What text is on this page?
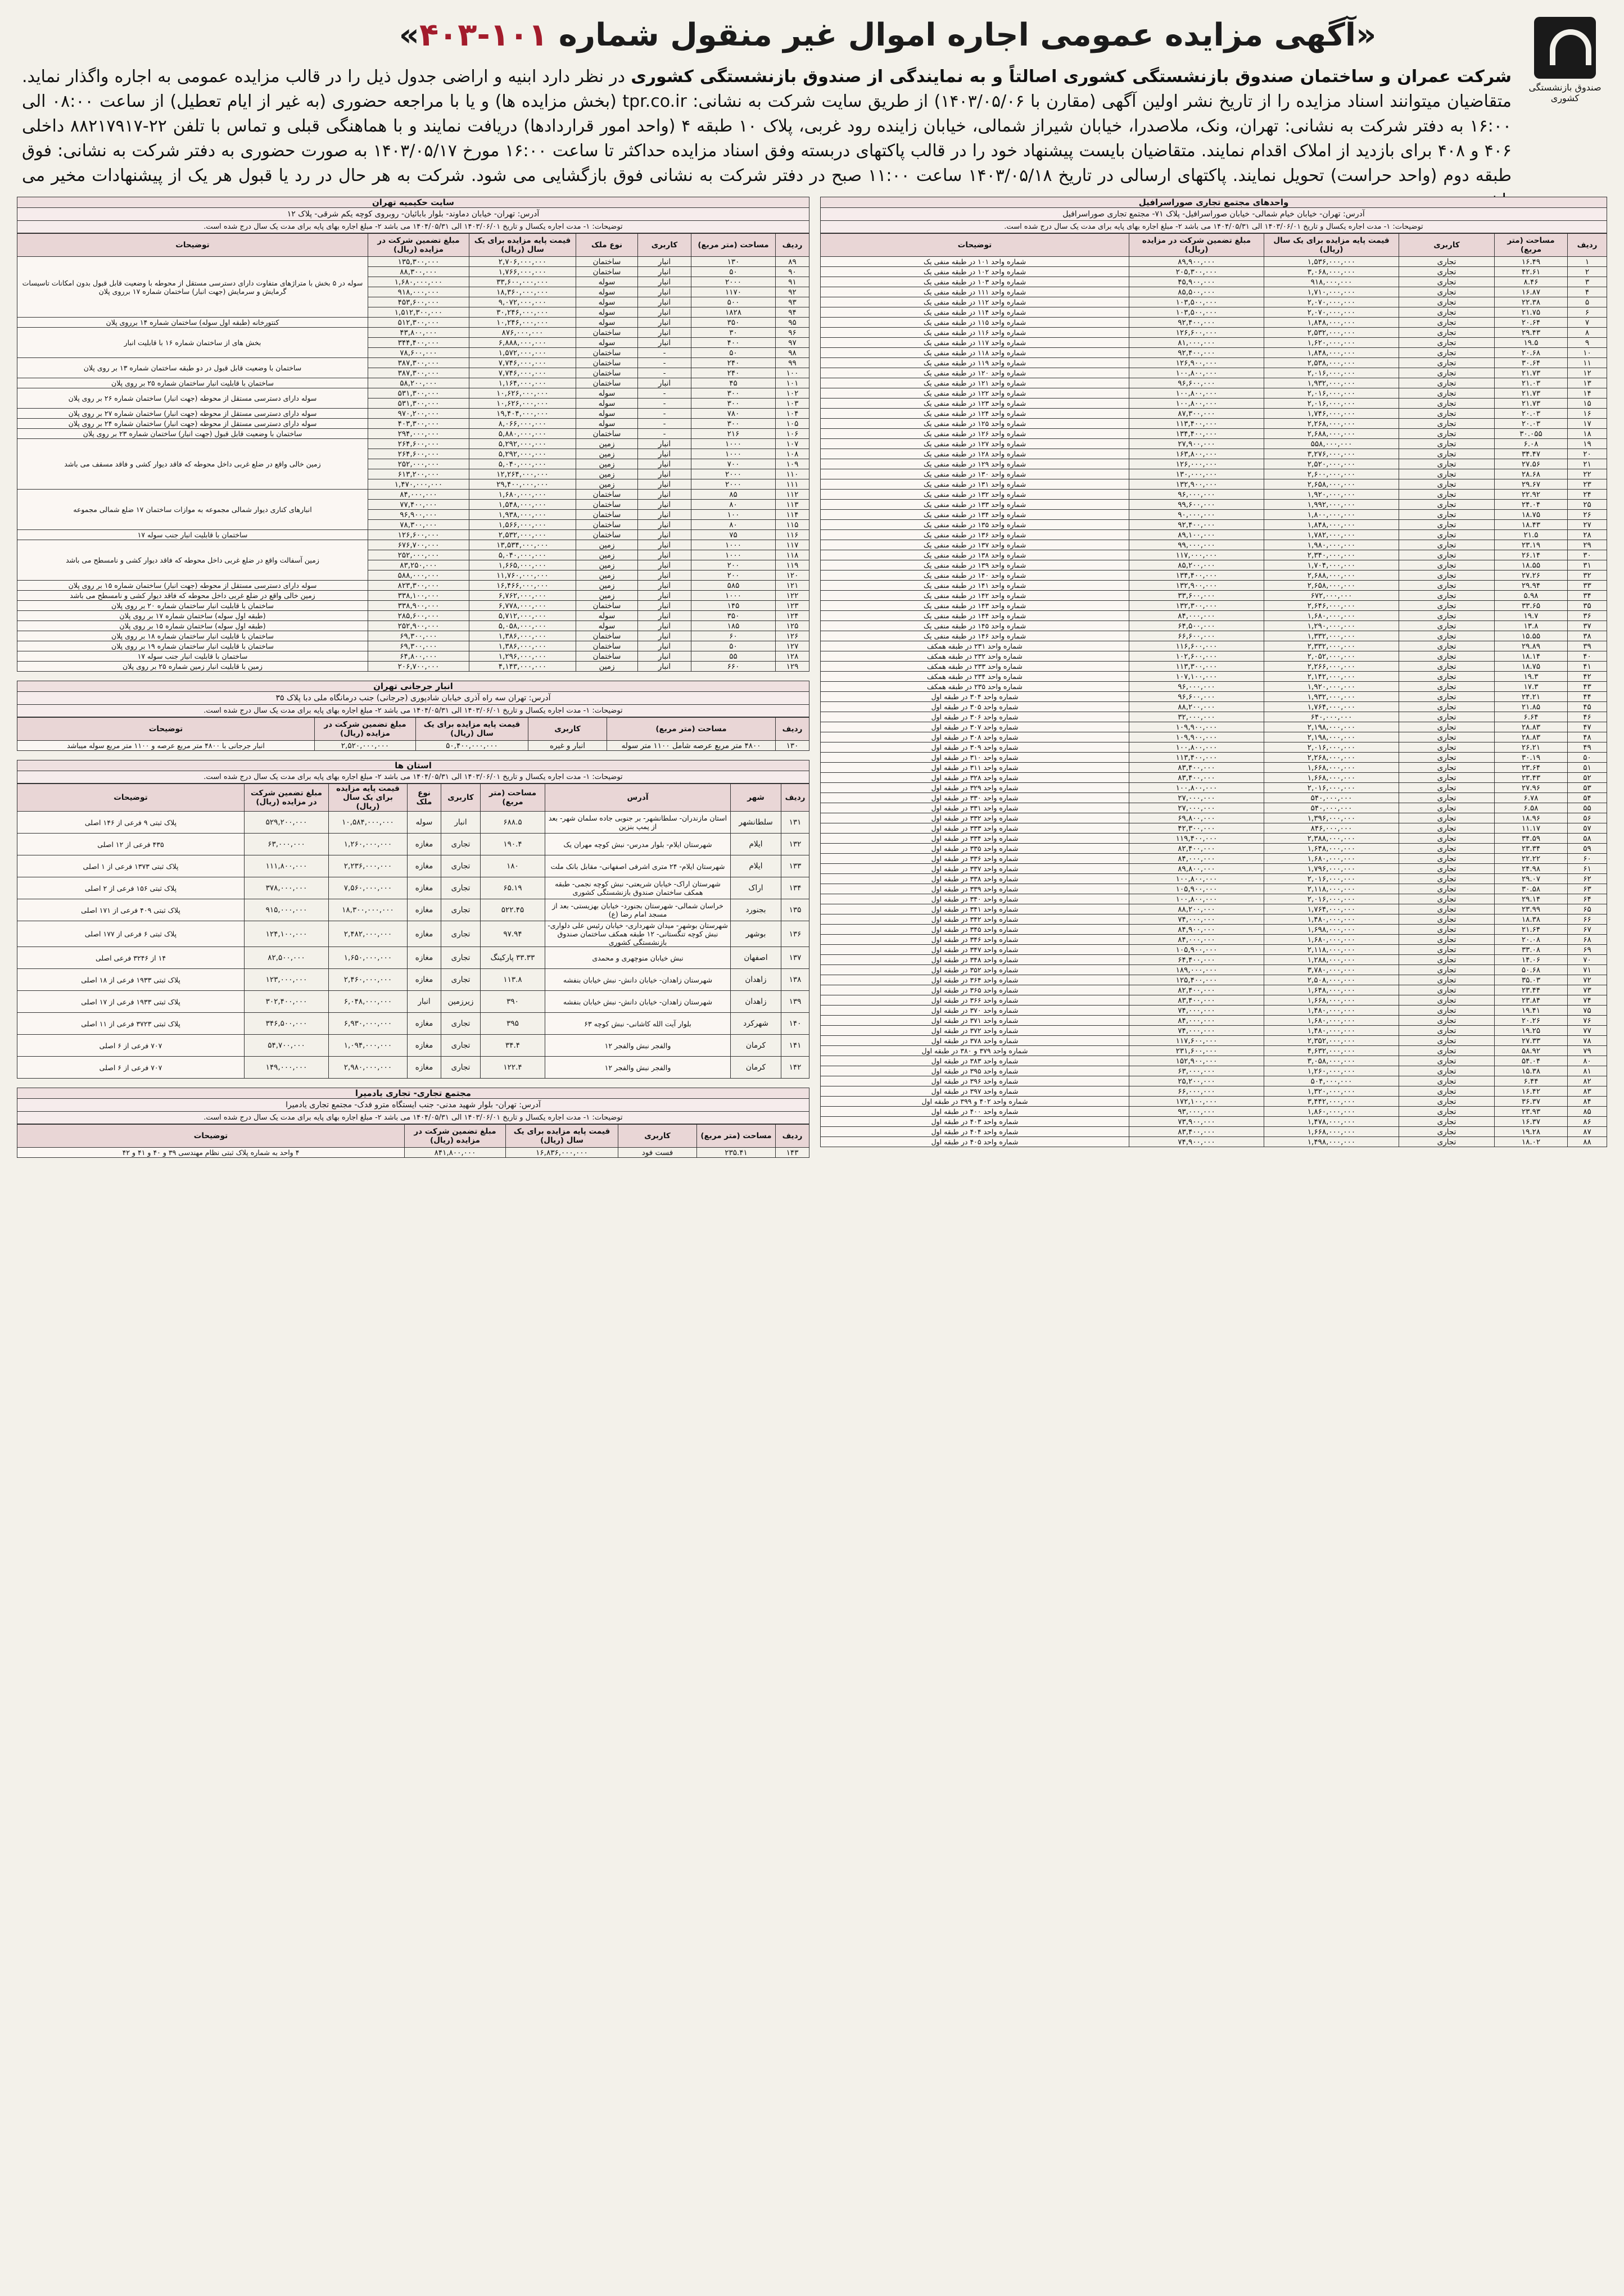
صندوق بازنشستگی کشوری
«آگهی مزایده عمومی اجاره اموال غیر منقول شماره ۱۰۱-۴۰۳»
شرکت عمران و ساختمان صندوق بازنشستگی کشوری اصالتاً و به نمایندگی از صندوق بازنشستگی کشوری در نظر دارد ابنیه و اراضی جدول ذیل را در قالب مزایده عمومی به اجاره واگذار نماید. متقاضیان میتوانند اسناد مزایده را از تاریخ نشر اولین آگهی (مقارن با ۱۴۰۳/۰۵/۰۶) از طریق سایت شرکت به نشانی: tpr.co.ir (بخش مزایده ها) و یا با مراجعه حضوری (به غیر از ایام تعطیل) از ساعت ۰۸:۰۰ الی ۱۶:۰۰ به دفتر شرکت به نشانی: تهران، ونک، ملاصدرا، خیابان شیراز شمالی، خیابان زاینده رود غربی، پلاک ۱۰ طبقه ۴ (واحد امور قراردادها) دریافت نمایند و با هماهنگی قبلی و تماس با تلفن ۲۲-۸۸۲۱۷۹۱۷ داخلی ۴۰۶ و ۴۰۸ برای بازدید از املاک اقدام نمایند. متقاضیان بایست پیشنهاد خود را در قالب پاکتهای دربسته وفق اسناد مزایده حداکثر تا ساعت ۱۶:۰۰ مورخ ۱۴۰۳/۰۵/۱۷ به صورت حضوری به دفتر شرکت به نشانی: فوق طبقه دوم (واحد حراست) تحویل نمایند. پاکتهای ارسالی در تاریخ ۱۴۰۳/۰۵/۱۸ ساعت ۱۱:۰۰ صبح در دفتر شرکت به نشانی فوق بازگشایی می شود. شرکت به هر حال در رد یا قبول هر یک از پیشنهادات مخیر می
واحدهای مجتمع تجاری صوراسرافیل
آدرس: تهران- خیابان خیام شمالی- خیابان صوراسرافیل- پلاک ۷۱- مجتمع تجاری صوراسرافیل
توضیحات: ۱- مدت اجاره یکسال و تاریخ ۱۴۰۳/۰۶/۰۱ الی ۱۴۰۴/۰۵/۳۱ می باشد ۲- مبلغ اجاره بهای پایه برای مدت یک سال درج شده است.
ردیف	مساحت (متر مربع)	کاربری	قیمت پایه مزایده برای یک سال (ریال)	مبلغ تضمین شرکت در مزایده (ریال)	توضیحات
۱	۱۶.۴۹	تجاری	۱,۵۳۶,۰۰۰,۰۰۰	۸۹,۹۰۰,۰۰۰	شماره واحد ۱۰۱ در طبقه منفی یک
۲	۴۲.۶۱	تجاری	۳,۰۶۸,۰۰۰,۰۰۰	۲۰۵,۳۰۰,۰۰۰	شماره واحد ۱۰۲ در طبقه منفی یک
۳	۸.۴۶	تجاری	۹۱۸,۰۰۰,۰۰۰	۴۵,۹۰۰,۰۰۰	شماره واحد ۱۰۳ در طبقه منفی یک
۴	۱۶.۸۷	تجاری	۱,۷۱۰,۰۰۰,۰۰۰	۸۵,۵۰۰,۰۰۰	شماره واحد ۱۱۱ در طبقه منفی یک
۵	۲۲.۳۸	تجاری	۲,۰۷۰,۰۰۰,۰۰۰	۱۰۳,۵۰۰,۰۰۰	شماره واحد ۱۱۲ در طبقه منفی یک
۶	۲۱.۷۵	تجاری	۲,۰۷۰,۰۰۰,۰۰۰	۱۰۳,۵۰۰,۰۰۰	شماره واحد ۱۱۴ در طبقه منفی یک
۷	۲۰.۶۴	تجاری	۱,۸۴۸,۰۰۰,۰۰۰	۹۲,۴۰۰,۰۰۰	شماره واحد ۱۱۵ در طبقه منفی یک
۸	۲۹.۴۳	تجاری	۲,۵۳۲,۰۰۰,۰۰۰	۱۲۶,۶۰۰,۰۰۰	شماره واحد ۱۱۶ در طبقه منفی یک
۹	۱۹.۵	تجاری	۱,۶۲۰,۰۰۰,۰۰۰	۸۱,۰۰۰,۰۰۰	شماره واحد ۱۱۷ در طبقه منفی یک
۱۰	۲۰.۶۸	تجاری	۱,۸۴۸,۰۰۰,۰۰۰	۹۲,۴۰۰,۰۰۰	شماره واحد ۱۱۸ در طبقه منفی یک
۱۱	۳۰.۶۴	تجاری	۲,۵۳۸,۰۰۰,۰۰۰	۱۲۶,۹۰۰,۰۰۰	شماره واحد ۱۱۹ در طبقه منفی یک
۱۲	۲۱.۷۳	تجاری	۲,۰۱۶,۰۰۰,۰۰۰	۱۰۰,۸۰۰,۰۰۰	شماره واحد ۱۲۰ در طبقه منفی یک
۱۳	۲۱.۰۳	تجاری	۱,۹۳۲,۰۰۰,۰۰۰	۹۶,۶۰۰,۰۰۰	شماره واحد ۱۲۱ در طبقه منفی یک
۱۴	۲۱.۷۳	تجاری	۲,۰۱۶,۰۰۰,۰۰۰	۱۰۰,۸۰۰,۰۰۰	شماره واحد ۱۲۲ در طبقه منفی یک
۱۵	۲۱.۷۳	تجاری	۲,۰۱۶,۰۰۰,۰۰۰	۱۰۰,۸۰۰,۰۰۰	شماره واحد ۱۲۳ در طبقه منفی یک
۱۶	۲۰.۰۳	تجاری	۱,۷۴۶,۰۰۰,۰۰۰	۸۷,۳۰۰,۰۰۰	شماره واحد ۱۲۴ در طبقه منفی یک
۱۷	۲۰.۰۳	تجاری	۲,۲۶۸,۰۰۰,۰۰۰	۱۱۳,۴۰۰,۰۰۰	شماره واحد ۱۲۵ در طبقه منفی یک
۱۸	۳۰.۰۵۵	تجاری	۲,۶۸۸,۰۰۰,۰۰۰	۱۳۴,۴۰۰,۰۰۰	شماره واحد ۱۲۶ در طبقه منفی یک
۱۹	۶.۰۸	تجاری	۵۵۸,۰۰۰,۰۰۰	۲۷,۹۰۰,۰۰۰	شماره واحد ۱۲۷ در طبقه منفی یک
۲۰	۳۴.۴۷	تجاری	۳,۲۷۶,۰۰۰,۰۰۰	۱۶۳,۸۰۰,۰۰۰	شماره واحد ۱۲۸ در طبقه منفی یک
۲۱	۲۷.۵۶	تجاری	۲,۵۲۰,۰۰۰,۰۰۰	۱۲۶,۰۰۰,۰۰۰	شماره واحد ۱۲۹ در طبقه منفی یک
۲۲	۲۸.۶۸	تجاری	۲,۶۰۰,۰۰۰,۰۰۰	۱۳۰,۰۰۰,۰۰۰	شماره واحد ۱۳۰ در طبقه منفی یک
۲۳	۲۹.۶۷	تجاری	۲,۶۵۸,۰۰۰,۰۰۰	۱۳۲,۹۰۰,۰۰۰	شماره واحد ۱۳۱ در طبقه منفی یک
۲۴	۲۲.۹۲	تجاری	۱,۹۲۰,۰۰۰,۰۰۰	۹۶,۰۰۰,۰۰۰	شماره واحد ۱۳۲ در طبقه منفی یک
۲۵	۲۴.۰۴	تجاری	۱,۹۹۲,۰۰۰,۰۰۰	۹۹,۶۰۰,۰۰۰	شماره واحد ۱۳۳ در طبقه منفی یک
۲۶	۱۸.۷۵	تجاری	۱,۸۰۰,۰۰۰,۰۰۰	۹۰,۰۰۰,۰۰۰	شماره واحد ۱۳۴ در طبقه منفی یک
۲۷	۱۸.۴۳	تجاری	۱,۸۴۸,۰۰۰,۰۰۰	۹۲,۴۰۰,۰۰۰	شماره واحد ۱۳۵ در طبقه منفی یک
۲۸	۲۱.۵	تجاری	۱,۷۸۲,۰۰۰,۰۰۰	۸۹,۱۰۰,۰۰۰	شماره واحد ۱۳۶ در طبقه منفی یک
۲۹	۲۳.۱۹	تجاری	۱,۹۸۰,۰۰۰,۰۰۰	۹۹,۰۰۰,۰۰۰	شماره واحد ۱۳۷ در طبقه منفی یک
۳۰	۲۶.۱۴	تجاری	۲,۳۴۰,۰۰۰,۰۰۰	۱۱۷,۰۰۰,۰۰۰	شماره واحد ۱۳۸ در طبقه منفی یک
۳۱	۱۸.۵۵	تجاری	۱,۷۰۴,۰۰۰,۰۰۰	۸۵,۲۰۰,۰۰۰	شماره واحد ۱۳۹ در طبقه منفی یک
۳۲	۲۷.۲۶	تجاری	۲,۶۸۸,۰۰۰,۰۰۰	۱۳۴,۴۰۰,۰۰۰	شماره واحد ۱۴۰ در طبقه منفی یک
۳۳	۲۹.۹۴	تجاری	۲,۶۵۸,۰۰۰,۰۰۰	۱۳۲,۹۰۰,۰۰۰	شماره واحد ۱۴۱ در طبقه منفی یک
۳۴	۵.۹۸	تجاری	۶۷۲,۰۰۰,۰۰۰	۳۳,۶۰۰,۰۰۰	شماره واحد ۱۴۲ در طبقه منفی یک
۳۵	۳۳.۶۵	تجاری	۲,۶۴۶,۰۰۰,۰۰۰	۱۳۲,۳۰۰,۰۰۰	شماره واحد ۱۴۳ در طبقه منفی یک
۳۶	۱۹.۷	تجاری	۱,۶۸۰,۰۰۰,۰۰۰	۸۴,۰۰۰,۰۰۰	شماره واحد ۱۴۴ در طبقه منفی یک
۳۷	۱۳.۸	تجاری	۱,۲۹۰,۰۰۰,۰۰۰	۶۴,۵۰۰,۰۰۰	شماره واحد ۱۴۵ در طبقه منفی یک
۳۸	۱۵.۵۵	تجاری	۱,۳۳۲,۰۰۰,۰۰۰	۶۶,۶۰۰,۰۰۰	شماره واحد ۱۴۶ در طبقه منفی یک
۳۹	۲۹.۸۹	تجاری	۲,۳۳۲,۰۰۰,۰۰۰	۱۱۶,۶۰۰,۰۰۰	شماره واحد ۲۳۱ در طبقه همکف
۴۰	۱۸.۱۴	تجاری	۲,۰۵۲,۰۰۰,۰۰۰	۱۰۲,۶۰۰,۰۰۰	شماره واحد ۲۳۲ در طبقه همکف
۴۱	۱۸.۷۵	تجاری	۲,۲۶۶,۰۰۰,۰۰۰	۱۱۳,۳۰۰,۰۰۰	شماره واحد ۲۳۳ در طبقه همکف
۴۲	۱۹.۳	تجاری	۲,۱۴۲,۰۰۰,۰۰۰	۱۰۷,۱۰۰,۰۰۰	شماره واحد ۲۳۴ در طبقه همکف
۴۳	۱۷.۳	تجاری	۱,۹۲۰,۰۰۰,۰۰۰	۹۶,۰۰۰,۰۰۰	شماره واحد ۲۳۵ در طبقه همکف
۴۴	۲۴.۲۱	تجاری	۱,۹۳۲,۰۰۰,۰۰۰	۹۶,۶۰۰,۰۰۰	شماره واحد ۳۰۴ در طبقه اول
۴۵	۲۱.۸۵	تجاری	۱,۷۶۴,۰۰۰,۰۰۰	۸۸,۲۰۰,۰۰۰	شماره واحد ۳۰۵ در طبقه اول
۴۶	۶.۶۴	تجاری	۶۴۰,۰۰۰,۰۰۰	۳۲,۰۰۰,۰۰۰	شماره واحد ۳۰۶ در طبقه اول
۴۷	۲۸.۸۳	تجاری	۲,۱۹۸,۰۰۰,۰۰۰	۱۰۹,۹۰۰,۰۰۰	شماره واحد ۳۰۷ در طبقه اول
۴۸	۲۸.۸۳	تجاری	۲,۱۹۸,۰۰۰,۰۰۰	۱۰۹,۹۰۰,۰۰۰	شماره واحد ۳۰۸ در طبقه اول
۴۹	۲۶.۲۱	تجاری	۲,۰۱۶,۰۰۰,۰۰۰	۱۰۰,۸۰۰,۰۰۰	شماره واحد ۳۰۹ در طبقه اول
۵۰	۳۰.۱۹	تجاری	۲,۲۶۸,۰۰۰,۰۰۰	۱۱۳,۴۰۰,۰۰۰	شماره واحد ۳۱۰ در طبقه اول
۵۱	۲۳.۶۴	تجاری	۱,۶۶۸,۰۰۰,۰۰۰	۸۳,۴۰۰,۰۰۰	شماره واحد ۳۱۱ در طبقه اول
۵۲	۲۳.۴۳	تجاری	۱,۶۶۸,۰۰۰,۰۰۰	۸۳,۴۰۰,۰۰۰	شماره واحد ۳۲۸ در طبقه اول
۵۳	۲۷.۹۶	تجاری	۲,۰۱۶,۰۰۰,۰۰۰	۱۰۰,۸۰۰,۰۰۰	شماره واحد ۳۲۹ در طبقه اول
۵۴	۶.۷۸	تجاری	۵۴۰,۰۰۰,۰۰۰	۲۷,۰۰۰,۰۰۰	شماره واحد ۳۳۰ در طبقه اول
۵۵	۶.۵۸	تجاری	۵۴۰,۰۰۰,۰۰۰	۲۷,۰۰۰,۰۰۰	شماره واحد ۳۳۱ در طبقه اول
۵۶	۱۸.۹۶	تجاری	۱,۳۹۶,۰۰۰,۰۰۰	۶۹,۸۰۰,۰۰۰	شماره واحد ۳۳۲ در طبقه اول
۵۷	۱۱.۱۷	تجاری	۸۴۶,۰۰۰,۰۰۰	۴۲,۳۰۰,۰۰۰	شماره واحد ۳۳۳ در طبقه اول
۵۸	۳۴.۵۹	تجاری	۲,۳۸۸,۰۰۰,۰۰۰	۱۱۹,۴۰۰,۰۰۰	شماره واحد ۳۳۴ در طبقه اول
۵۹	۲۳.۳۴	تجاری	۱,۶۴۸,۰۰۰,۰۰۰	۸۲,۴۰۰,۰۰۰	شماره واحد ۳۳۵ در طبقه اول
۶۰	۲۲.۲۲	تجاری	۱,۶۸۰,۰۰۰,۰۰۰	۸۴,۰۰۰,۰۰۰	شماره واحد ۳۳۶ در طبقه اول
۶۱	۲۴.۹۸	تجاری	۱,۷۹۶,۰۰۰,۰۰۰	۸۹,۸۰۰,۰۰۰	شماره واحد ۳۳۷ در طبقه اول
۶۲	۲۹.۰۷	تجاری	۲,۰۱۶,۰۰۰,۰۰۰	۱۰۰,۸۰۰,۰۰۰	شماره واحد ۳۳۸ در طبقه اول
۶۳	۳۰.۵۸	تجاری	۲,۱۱۸,۰۰۰,۰۰۰	۱۰۵,۹۰۰,۰۰۰	شماره واحد ۳۳۹ در طبقه اول
۶۴	۲۹.۱۴	تجاری	۲,۰۱۶,۰۰۰,۰۰۰	۱۰۰,۸۰۰,۰۰۰	شماره واحد ۳۴۰ در طبقه اول
۶۵	۲۳.۹۹	تجاری	۱,۷۶۴,۰۰۰,۰۰۰	۸۸,۲۰۰,۰۰۰	شماره واحد ۳۴۱ در طبقه اول
۶۶	۱۸.۳۸	تجاری	۱,۴۸۰,۰۰۰,۰۰۰	۷۴,۰۰۰,۰۰۰	شماره واحد ۳۴۲ در طبقه اول
۶۷	۲۱.۶۴	تجاری	۱,۶۹۸,۰۰۰,۰۰۰	۸۴,۹۰۰,۰۰۰	شماره واحد ۳۴۵ در طبقه اول
۶۸	۲۰.۰۸	تجاری	۱,۶۸۰,۰۰۰,۰۰۰	۸۴,۰۰۰,۰۰۰	شماره واحد ۳۴۶ در طبقه اول
۶۹	۳۳.۰۸	تجاری	۲,۱۱۸,۰۰۰,۰۰۰	۱۰۵,۹۰۰,۰۰۰	شماره واحد ۳۴۷ در طبقه اول
۷۰	۱۴.۰۶	تجاری	۱,۲۸۸,۰۰۰,۰۰۰	۶۴,۴۰۰,۰۰۰	شماره واحد ۳۴۸ در طبقه اول
۷۱	۵۰.۶۸	تجاری	۳,۷۸۰,۰۰۰,۰۰۰	۱۸۹,۰۰۰,۰۰۰	شماره واحد ۳۵۲ در طبقه اول
۷۲	۳۵.۰۳	تجاری	۲,۵۰۸,۰۰۰,۰۰۰	۱۲۵,۴۰۰,۰۰۰	شماره واحد ۳۶۴ در طبقه اول
۷۳	۲۳.۴۴	تجاری	۱,۶۴۸,۰۰۰,۰۰۰	۸۲,۴۰۰,۰۰۰	شماره واحد ۳۶۵ در طبقه اول
۷۴	۲۳.۸۴	تجاری	۱,۶۶۸,۰۰۰,۰۰۰	۸۳,۴۰۰,۰۰۰	شماره واحد ۳۶۶ در طبقه اول
۷۵	۱۹.۴۱	تجاری	۱,۴۸۰,۰۰۰,۰۰۰	۷۴,۰۰۰,۰۰۰	شماره واحد ۳۷۰ در طبقه اول
۷۶	۲۰.۲۶	تجاری	۱,۶۸۰,۰۰۰,۰۰۰	۸۴,۰۰۰,۰۰۰	شماره واحد ۳۷۱ در طبقه اول
۷۷	۱۹.۲۵	تجاری	۱,۴۸۰,۰۰۰,۰۰۰	۷۴,۰۰۰,۰۰۰	شماره واحد ۳۷۲ در طبقه اول
۷۸	۲۷.۳۳	تجاری	۲,۳۵۲,۰۰۰,۰۰۰	۱۱۷,۶۰۰,۰۰۰	شماره واحد ۳۷۸ در طبقه اول
۷۹	۵۸.۹۲	تجاری	۴,۶۳۲,۰۰۰,۰۰۰	۲۳۱,۶۰۰,۰۰۰	شماره واحد ۳۷۹ و ۳۸۰ در طبقه اول
۸۰	۵۴.۰۴	تجاری	۳,۰۵۸,۰۰۰,۰۰۰	۱۵۲,۹۰۰,۰۰۰	شماره واحد ۳۸۳ در طبقه اول
۸۱	۱۵.۳۸	تجاری	۱,۲۶۰,۰۰۰,۰۰۰	۶۳,۰۰۰,۰۰۰	شماره واحد ۳۹۵ در طبقه اول
۸۲	۶.۴۴	تجاری	۵۰۴,۰۰۰,۰۰۰	۲۵,۲۰۰,۰۰۰	شماره واحد ۳۹۶ در طبقه اول
۸۳	۱۶.۴۲	تجاری	۱,۳۲۰,۰۰۰,۰۰۰	۶۶,۰۰۰,۰۰۰	شماره واحد ۳۹۷ در طبقه اول
۸۴	۳۶.۳۷	تجاری	۳,۴۴۲,۰۰۰,۰۰۰	۱۷۲,۱۰۰,۰۰۰	شماره واحد ۴۰۲ و ۳۹۹ در طبقه اول
۸۵	۲۳.۹۳	تجاری	۱,۸۶۰,۰۰۰,۰۰۰	۹۳,۰۰۰,۰۰۰	شماره واحد ۴۰۰ در طبقه اول
۸۶	۱۶.۳۷	تجاری	۱,۴۷۸,۰۰۰,۰۰۰	۷۳,۹۰۰,۰۰۰	شماره واحد ۴۰۳ در طبقه اول
۸۷	۱۹.۲۸	تجاری	۱,۶۶۸,۰۰۰,۰۰۰	۸۳,۴۰۰,۰۰۰	شماره واحد ۴۰۴ در طبقه اول
۸۸	۱۸.۰۲	تجاری	۱,۴۹۸,۰۰۰,۰۰۰	۷۴,۹۰۰,۰۰۰	شماره واحد ۴۰۵ در طبقه اول
سایت حکیمیه تهران
آدرس: تهران- خیابان دماوند- بلوار بابائیان- روبروی کوچه یکم شرقی- پلاک ۱۲
توضیحات: ۱- مدت اجاره یکسال و تاریخ ۱۴۰۳/۰۶/۰۱ الی ۱۴۰۴/۰۵/۳۱ می باشد ۲- مبلغ اجاره بهای پایه برای مدت یک سال درج شده است.
ردیف	مساحت (متر مربع)	کاربری	نوع ملک	قیمت پایه مزایده برای یک سال (ریال)	مبلغ تضمین شرکت در مزایده (ریال)	توضیحات
۸۹	۱۳۰	انبار	ساختمان	۲,۷۰۶,۰۰۰,۰۰۰	۱۳۵,۳۰۰,۰۰۰	سوله در ۵ بخش با متراژهای متفاوت دارای دسترسی مستقل از محوطه با وضعیت قابل قبول بدون امکانات تاسیسات گرمایش و سرمایش (جهت انبار) ساختمان شماره ۱۷ برروی پلان
۹۰	۵۰	انبار	ساختمان	۱,۷۶۶,۰۰۰,۰۰۰	۸۸,۳۰۰,۰۰۰	
۹۱	۲۰۰۰	انبار	سوله	۳۳,۶۰۰,۰۰۰,۰۰۰	۱,۶۸۰,۰۰۰,۰۰۰	
۹۲	۱۱۷۰	انبار	سوله	۱۸,۳۶۰,۰۰۰,۰۰۰	۹۱۸,۰۰۰,۰۰۰	
۹۳	۵۰۰	انبار	سوله	۹,۰۷۲,۰۰۰,۰۰۰	۴۵۳,۶۰۰,۰۰۰	
۹۴	۱۸۲۸	انبار	سوله	۳۰,۲۴۶,۰۰۰,۰۰۰	۱,۵۱۲,۳۰۰,۰۰۰	
۹۵	۳۵۰	انبار	سوله	۱۰,۲۴۶,۰۰۰,۰۰۰	۵۱۲,۳۰۰,۰۰۰	کنتورخانه (طبقه اول سوله) ساختمان شماره ۱۴ برروی پلان
۹۶	۳۰	انبار	ساختمان	۸۷۶,۰۰۰,۰۰۰	۴۳,۸۰۰,۰۰۰	بخش های از ساختمان شماره ۱۶ با قابلیت انبار
۹۷	۴۰۰	انبار	سوله	۶,۸۸۸,۰۰۰,۰۰۰	۳۴۴,۴۰۰,۰۰۰	
۹۸	۵۰	-	ساختمان	۱,۵۷۲,۰۰۰,۰۰۰	۷۸,۶۰۰,۰۰۰	
۹۹	۲۴۰	-	ساختمان	۷,۷۴۶,۰۰۰,۰۰۰	۳۸۷,۳۰۰,۰۰۰	ساختمان با وضعیت قابل قبول در دو طبقه ساختمان شماره ۱۳ بر روی پلان
۱۰۰	۲۴۰	-	ساختمان	۷,۷۴۶,۰۰۰,۰۰۰	۳۸۷,۳۰۰,۰۰۰	
۱۰۱	۴۵	انبار	ساختمان	۱,۱۶۴,۰۰۰,۰۰۰	۵۸,۲۰۰,۰۰۰	ساختمان با قابلیت انبار ساختمان شماره ۲۵ بر روی پلان
۱۰۲	۳۰۰	-	سوله	۱۰,۶۲۶,۰۰۰,۰۰۰	۵۳۱,۳۰۰,۰۰۰	سوله دارای دسترسی مستقل از محوطه (جهت انبار) ساختمان شماره ۲۶ بر روی پلان
۱۰۳	۳۰۰	-	سوله	۱۰,۶۲۶,۰۰۰,۰۰۰	۵۳۱,۳۰۰,۰۰۰	
۱۰۴	۷۸۰	-	سوله	۱۹,۴۰۴,۰۰۰,۰۰۰	۹۷۰,۲۰۰,۰۰۰	سوله دارای دسترسی مستقل از محوطه (جهت انبار) ساختمان شماره ۲۷ بر روی پلان
۱۰۵	۳۰۰	-	سوله	۸,۰۶۶,۰۰۰,۰۰۰	۴۰۳,۳۰۰,۰۰۰	سوله دارای دسترسی مستقل از محوطه (جهت انبار) ساختمان شماره ۲۴ بر روی پلان
۱۰۶	۲۱۶	-	ساختمان	۵,۸۸۰,۰۰۰,۰۰۰	۲۹۴,۰۰۰,۰۰۰	ساختمان با وضعیت قابل قبول (جهت انبار) ساختمان شماره ۲۳ بر روی پلان
۱۰۷	۱۰۰۰	انبار	زمین	۵,۲۹۲,۰۰۰,۰۰۰	۲۶۴,۶۰۰,۰۰۰	زمین خالی واقع در ضلع غربی داخل محوطه که فاقد دیوار کشی و فاقد مسقف می باشد
۱۰۸	۱۰۰۰	انبار	زمین	۵,۲۹۲,۰۰۰,۰۰۰	۲۶۴,۶۰۰,۰۰۰	
۱۰۹	۷۰۰	انبار	زمین	۵,۰۴۰,۰۰۰,۰۰۰	۲۵۲,۰۰۰,۰۰۰	
۱۱۰	۲۰۰۰	انبار	زمین	۱۲,۲۶۴,۰۰۰,۰۰۰	۶۱۳,۲۰۰,۰۰۰	
۱۱۱	۲۰۰۰	انبار	زمین	۲۹,۴۰۰,۰۰۰,۰۰۰	۱,۴۷۰,۰۰۰,۰۰۰	
۱۱۲	۸۵	انبار	ساختمان	۱,۶۸۰,۰۰۰,۰۰۰	۸۴,۰۰۰,۰۰۰	انبارهای کناری دیوار شمالی مجموعه به موازات ساختمان ۱۷ ضلع شمالی مجموعه
۱۱۳	۸۰	انبار	ساختمان	۱,۵۴۸,۰۰۰,۰۰۰	۷۷,۴۰۰,۰۰۰	
۱۱۴	۱۰۰	انبار	ساختمان	۱,۹۳۸,۰۰۰,۰۰۰	۹۶,۹۰۰,۰۰۰	
۱۱۵	۸۰	انبار	ساختمان	۱,۵۶۶,۰۰۰,۰۰۰	۷۸,۳۰۰,۰۰۰	
۱۱۶	۷۵	انبار	ساختمان	۲,۵۳۲,۰۰۰,۰۰۰	۱۲۶,۶۰۰,۰۰۰	ساختمان با قابلیت انبار جنب سوله ۱۷
۱۱۷	۱۰۰۰	انبار	زمین	۱۳,۵۳۴,۰۰۰,۰۰۰	۶۷۶,۷۰۰,۰۰۰	زمین آسفالت واقع در ضلع غربی داخل محوطه که فاقد دیوار کشی و نامسطح می باشد
۱۱۸	۱۰۰۰	انبار	زمین	۵,۰۴۰,۰۰۰,۰۰۰	۲۵۲,۰۰۰,۰۰۰	
۱۱۹	۲۰۰	انبار	زمین	۱,۶۶۵,۰۰۰,۰۰۰	۸۳,۲۵۰,۰۰۰	
۱۲۰	۲۰۰	انبار	زمین	۱۱,۷۶۰,۰۰۰,۰۰۰	۵۸۸,۰۰۰,۰۰۰	
۱۲۱	۵۸۵	انبار	زمین	۱۶,۴۶۶,۰۰۰,۰۰۰	۸۲۳,۳۰۰,۰۰۰	سوله دارای دسترسی مستقل از محوطه (جهت انبار) ساختمان شماره ۱۵ بر روی پلان
۱۲۲	۱۰۰۰	انبار	زمین	۶,۷۶۲,۰۰۰,۰۰۰	۳۳۸,۱۰۰,۰۰۰	زمین خالی واقع در ضلع غربی داخل محوطه که فاقد دیوار کشی و نامسطح می باشد
۱۲۳	۱۴۵	انبار	ساختمان	۶,۷۷۸,۰۰۰,۰۰۰	۳۳۸,۹۰۰,۰۰۰	ساختمان با قابلیت انبار ساختمان شماره ۲۰ بر روی پلان
۱۲۴	۳۵۰	انبار	سوله	۵,۷۱۲,۰۰۰,۰۰۰	۲۸۵,۶۰۰,۰۰۰	(طبقه اول سوله) ساختمان شماره ۱۷ بر روی پلان
۱۲۵	۱۸۵	انبار	سوله	۵,۰۵۸,۰۰۰,۰۰۰	۲۵۲,۹۰۰,۰۰۰	(طبقه اول سوله) ساختمان شماره ۱۵ بر روی پلان
۱۲۶	۶۰	انبار	ساختمان	۱,۳۸۶,۰۰۰,۰۰۰	۶۹,۳۰۰,۰۰۰	ساختمان با قابلیت انبار ساختمان شماره ۱۸ بر روی پلان
۱۲۷	۵۰	انبار	ساختمان	۱,۳۸۶,۰۰۰,۰۰۰	۶۹,۳۰۰,۰۰۰	ساختمان با قابلیت انبار ساختمان شماره ۱۹ بر روی پلان
۱۲۸	۵۵	انبار	ساختمان	۱,۲۹۶,۰۰۰,۰۰۰	۶۴,۸۰۰,۰۰۰	ساختمان با قابلیت انبار جنب سوله ۱۷
۱۲۹	۶۶۰	انبار	زمین	۴,۱۴۳,۰۰۰,۰۰۰	۲۰۶,۷۰۰,۰۰۰	زمین با قابلیت انبار زمین شماره ۲۵ بر روی پلان
انبار جرجانی تهران
آدرس: تهران سه راه آذری خیابان شادپوری (جرجانی) جنب درمانگاه ملی دبا پلاک ۳۵
توضیحات: ۱- مدت اجاره یکسال و تاریخ ۱۴۰۳/۰۶/۰۱ الی ۱۴۰۴/۰۵/۳۱ می باشد ۲- مبلغ اجاره بهای پایه برای مدت یک سال درج شده است.
ردیف	مساحت (متر مربع)	کاربری	قیمت پایه مزایده برای یک سال (ریال)	مبلغ تضمین شرکت در مزایده (ریال)	توضیحات
۱۳۰	۴۸۰۰ متر مربع عرصه شامل ۱۱۰۰ متر سوله	انبار و غیره	۵۰,۴۰۰,۰۰۰,۰۰۰	۲,۵۲۰,۰۰۰,۰۰۰	انبار جرجانی با ۴۸۰۰ متر مربع عرصه و ۱۱۰۰ متر مربع سوله میباشد
استان ها
توضیحات: ۱- مدت اجاره یکسال و تاریخ ۱۴۰۳/۰۶/۰۱ الی ۱۴۰۴/۰۵/۳۱ می باشد ۲- مبلغ اجاره بهای پایه برای مدت یک سال درج شده است.
ردیف	شهر	آدرس	مساحت (متر مربع)	کاربری	نوع ملک	قیمت پایه مزایده برای یک سال (ریال)	مبلغ تضمین شرکت در مزایده (ریال)	توضیحات
۱۳۱	سلطانشهر	استان مازندران- سلطانشهر- بر جنوبی جاده سلمان شهر- بعد از پمپ بنزین	۶۸۸.۵	انبار	سوله	۱۰,۵۸۴,۰۰۰,۰۰۰	۵۲۹,۲۰۰,۰۰۰	پلاک ثبتی ۹ فرعی از ۱۴۶ اصلی
۱۳۲	ایلام	شهرستان ایلام- بلوار مدرس- نبش کوچه مهران یک	۱۹۰.۴	تجاری	مغازه	۱,۲۶۰,۰۰۰,۰۰۰	۶۳,۰۰۰,۰۰۰	۴۳۵ فرعی از ۱۲ اصلی
۱۳۳	ایلام	شهرستان ایلام- ۲۴ متری اشرفی اصفهانی- مقابل بانک ملت	۱۸۰	تجاری	مغازه	۲,۲۳۶,۰۰۰,۰۰۰	۱۱۱,۸۰۰,۰۰۰	پلاک ثبتی ۱۳۷۳ فرعی از ۱ اصلی
۱۳۴	اراک	شهرستان اراک- خیابان شریعتی- نبش کوچه نجمی- طبقه همکف ساختمان صندوق بازنشستگی کشوری	۶۵.۱۹	تجاری	مغازه	۷,۵۶۰,۰۰۰,۰۰۰	۳۷۸,۰۰۰,۰۰۰	پلاک ثبتی ۱۵۶ فرعی از ۲ اصلی
۱۳۵	بجنورد	خراسان شمالی- شهرستان بجنورد- خیابان بهزیستی- بعد از مسجد امام رضا (ع)	۵۲۲.۴۵	تجاری	مغازه	۱۸,۳۰۰,۰۰۰,۰۰۰	۹۱۵,۰۰۰,۰۰۰	پلاک ثبتی ۴۰۹ فرعی از ۱۷۱ اصلی
۱۳۶	بوشهر	شهرستان بوشهر- میدان شهرداری- خیابان رئیس علی دلواری- نبش کوچه تنگستانی- ۱۲ طبقه همکف ساختمان صندوق بازنشستگی کشوری	۹۷.۹۴	تجاری	مغازه	۲,۴۸۲,۰۰۰,۰۰۰	۱۲۴,۱۰۰,۰۰۰	پلاک ثبتی ۶ فرعی از ۱۷۷ اصلی
۱۳۷	اصفهان	نبش خیابان منوچهری و محمدی	۳۳.۳۳ پارکینگ	تجاری	مغازه	۱,۶۵۰,۰۰۰,۰۰۰	۸۲,۵۰۰,۰۰۰	۱۴ از ۳۲۴۶ فرعی اصلی
۱۳۸	زاهدان	شهرستان زاهدان- خیابان دانش- نبش خیابان بنفشه	۱۱۳.۸	تجاری	مغازه	۲,۴۶۰,۰۰۰,۰۰۰	۱۲۳,۰۰۰,۰۰۰	پلاک ثبتی ۱۹۳۳ فرعی از ۱۸ اصلی
۱۳۹	زاهدان	شهرستان زاهدان- خیابان دانش- نبش خیابان بنفشه	۳۹۰	زیرزمین	انبار	۶,۰۴۸,۰۰۰,۰۰۰	۳۰۲,۴۰۰,۰۰۰	پلاک ثبتی ۱۹۳۳ فرعی از ۱۷ اصلی
۱۴۰	شهرکرد	بلوار آیت الله کاشانی- نبش کوچه ۶۳	۳۹۵	تجاری	مغازه	۶,۹۳۰,۰۰۰,۰۰۰	۳۴۶,۵۰۰,۰۰۰	پلاک ثبتی ۳۷۲۳ فرعی از ۱۱ اصلی
۱۴۱	کرمان	والفجر نبش والفجر ۱۲	۳۴.۴	تجاری	مغازه	۱,۰۹۴,۰۰۰,۰۰۰	۵۴,۷۰۰,۰۰۰	۷۰۷ فرعی از ۶ اصلی
۱۴۲	کرمان	والفجر نبش والفجر ۱۲	۱۲۲.۴	تجاری	مغازه	۲,۹۸۰,۰۰۰,۰۰۰	۱۴۹,۰۰۰,۰۰۰	۷۰۷ فرعی از ۶ اصلی
مجتمع تجاری- تجاری یادمیرا
آدرس: تهران- بلوار شهید مدنی- جنب ایستگاه مترو فدک- مجتمع تجاری یادمیرا
توضیحات: ۱- مدت اجاره یکسال و تاریخ ۱۴۰۳/۰۶/۰۱ الی ۱۴۰۴/۰۵/۳۱ می باشد ۲- مبلغ اجاره بهای پایه برای مدت یک سال درج شده است.
ردیف	مساحت (متر مربع)	کاربری	قیمت پایه مزایده برای یک سال (ریال)	مبلغ تضمین شرکت در مزایده (ریال)	توضیحات
۱۴۳	۲۳۵.۴۱	فست فود	۱۶,۸۳۶,۰۰۰,۰۰۰	۸۴۱,۸۰۰,۰۰۰	۴ واحد به شماره پلاک ثبتی نظام مهندسی ۳۹ و ۴۰ و ۴۱ و ۴۲
